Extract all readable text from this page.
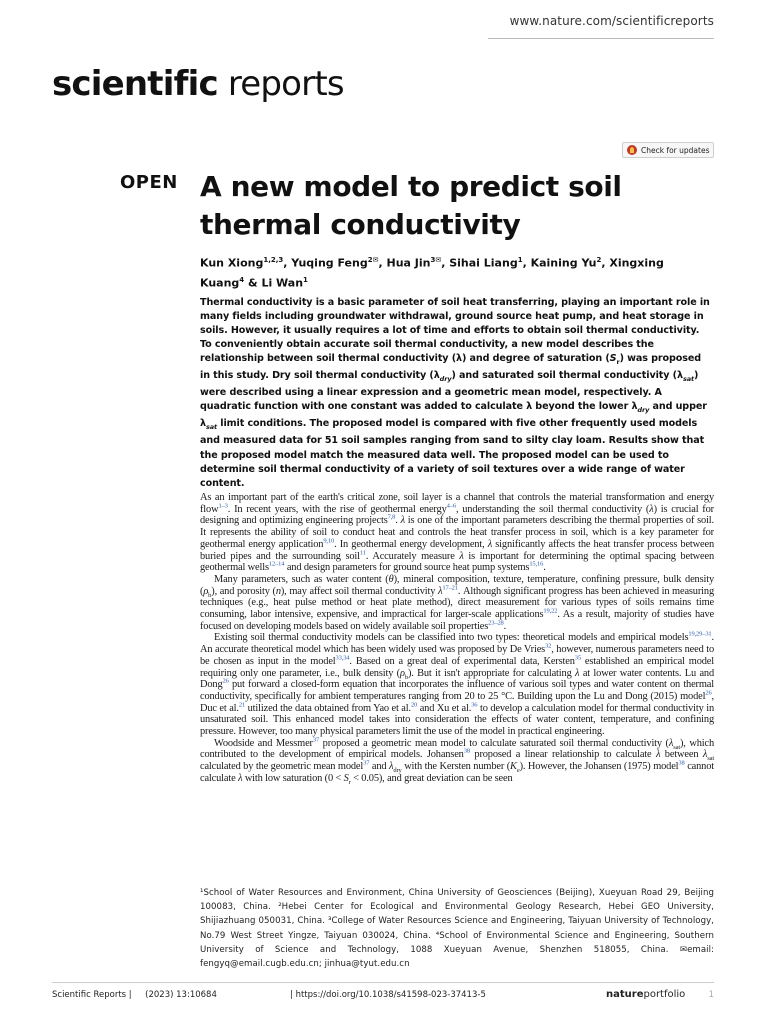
www.nature.com/scientificreports
scientific reports
Check for updates
OPEN A new model to predict soil thermal conductivity
Kun Xiong$^{1,2,3}$, Yuqing Feng$^{2✉}$, Hua Jin$^{3✉}$, Sihai Liang$^1$, Kaining Yu$^2$, Xingxing Kuang$^4$ & Li Wan$^1$

Thermal conductivity is a basic parameter of soil heat transferring, playing an important role in many fields including groundwater withdrawal, ground source heat pump, and heat storage in soils. However, it usually requires a lot of time and efforts to obtain soil thermal conductivity. To conveniently obtain accurate soil thermal conductivity, a new model describes the relationship between soil thermal conductivity (λ) and degree of saturation $(S_r)$ was proposed in this study. Dry soil thermal conductivity $(\lambda_{dry})$ and saturated soil thermal conductivity $(\lambda_{sat})$ were described using a linear expression and a geometric mean model, respectively. A quadratic function with one constant was added to calculate λ beyond the lower $\lambda_{dry}$ and upper $\lambda_{sat}$ limit conditions. The proposed model is compared with five other frequently used models and measured data for 51 soil samples ranging from sand to silty clay loam. Results show that the proposed model match the measured data well. The proposed model can be used to determine soil thermal conductivity of a variety of soil textures over a wide range of water content.

As an important part of the earth's critical zone, soil layer is a channel that controls the material transformation and energy flow$^{1-3}$. In recent years, with the rise of geothermal energy$^{4-6}$, understanding the soil thermal conductivity (λ) is crucial for designing and optimizing engineering projects$^{7,8}$. λ is one of the important parameters describing the thermal properties of soil. It represents the ability of soil to conduct heat and controls the heat transfer process in soil, which is a key parameter for geothermal energy application$^{9,10}$. In geothermal energy development, λ significantly affects the heat transfer process between buried pipes and the surrounding soil$^{11}$. Accurately measure λ is important for determining the optimal spacing between geothermal wells$^{12-14}$ and design parameters for ground source heat pump systems$^{15,16}$.

Many parameters, such as water content (θ), mineral composition, texture, temperature, confining pressure, bulk density $(\rho_b)$, and porosity (n), may affect soil thermal conductivity $\lambda^{17-21}$. Although significant progress has been achieved in measuring techniques (e.g., heat pulse method or heat plate method), direct measurement for various types of soils remains time consuming, labor intensive, expensive, and impractical for larger-scale applications$^{19,22}$. As a result, majority of studies have focused on developing models based on widely available soil properties$^{23-28}$.

Existing soil thermal conductivity models can be classified into two types: theoretical models and empirical models$^{19,29-31}$. An accurate theoretical model which has been widely used was proposed by De Vries$^{32}$, however, numerous parameters need to be chosen as input in the model$^{33,34}$. Based on a great deal of experimental data, Kersten$^{35}$ established an empirical model requiring only one parameter, i.e., bulk density $(\rho_b)$. But it isn't appropriate for calculating λ at lower water contents. Lu and Dong$^{26}$ put forward a closed-form equation that incorporates the influence of various soil types and water content on thermal conductivity, specifically for ambient temperatures ranging from 20 to 25 °C. Building upon the Lu and Dong (2015) model$^{26}$, Duc et al.$^{21}$ utilized the data obtained from Yao et al.$^{20}$ and Xu et al.$^{36}$ to develop a calculation model for thermal conductivity in unsaturated soil. This enhanced model takes into consideration the effects of water content, temperature, and confining pressure. However, too many physical parameters limit the use of the model in practical engineering.

Woodside and Messmer$^{37}$ proposed a geometric mean model to calculate saturated soil thermal conductivity $(\lambda_{sat})$, which contributed to the development of empirical models. Johansen$^{38}$ proposed a linear relationship to calculate λ between $\lambda_{sat}$ calculated by the geometric mean model$^{37}$ and $\lambda_{dry}$ with the Kersten number $(K_e)$. However, the Johansen (1975) model$^{38}$ cannot calculate λ with low saturation $(0 < S_r < 0.05)$, and great deviation can be seen

¹School of Water Resources and Environment, China University of Geosciences (Beijing), Xueyuan Road 29, Beijing 100083, China. ²Hebei Center for Ecological and Environmental Geology Research, Hebei GEO University, Shijiazhuang 050031, China. ³College of Water Resources Science and Engineering, Taiyuan University of Technology, No.79 West Street Yingze, Taiyuan 030024, China. ⁴School of Environmental Science and Engineering, Southern University of Science and Technology, 1088 Xueyuan Avenue, Shenzhen 518055, China. ✉email: fengyq@email.cugb.edu.cn; jinhua@tyut.edu.cn

Scientific Reports | (2023) 13:10684	| https://doi.org/10.1038/s41598-023-37413-5	natureportfolio	1
